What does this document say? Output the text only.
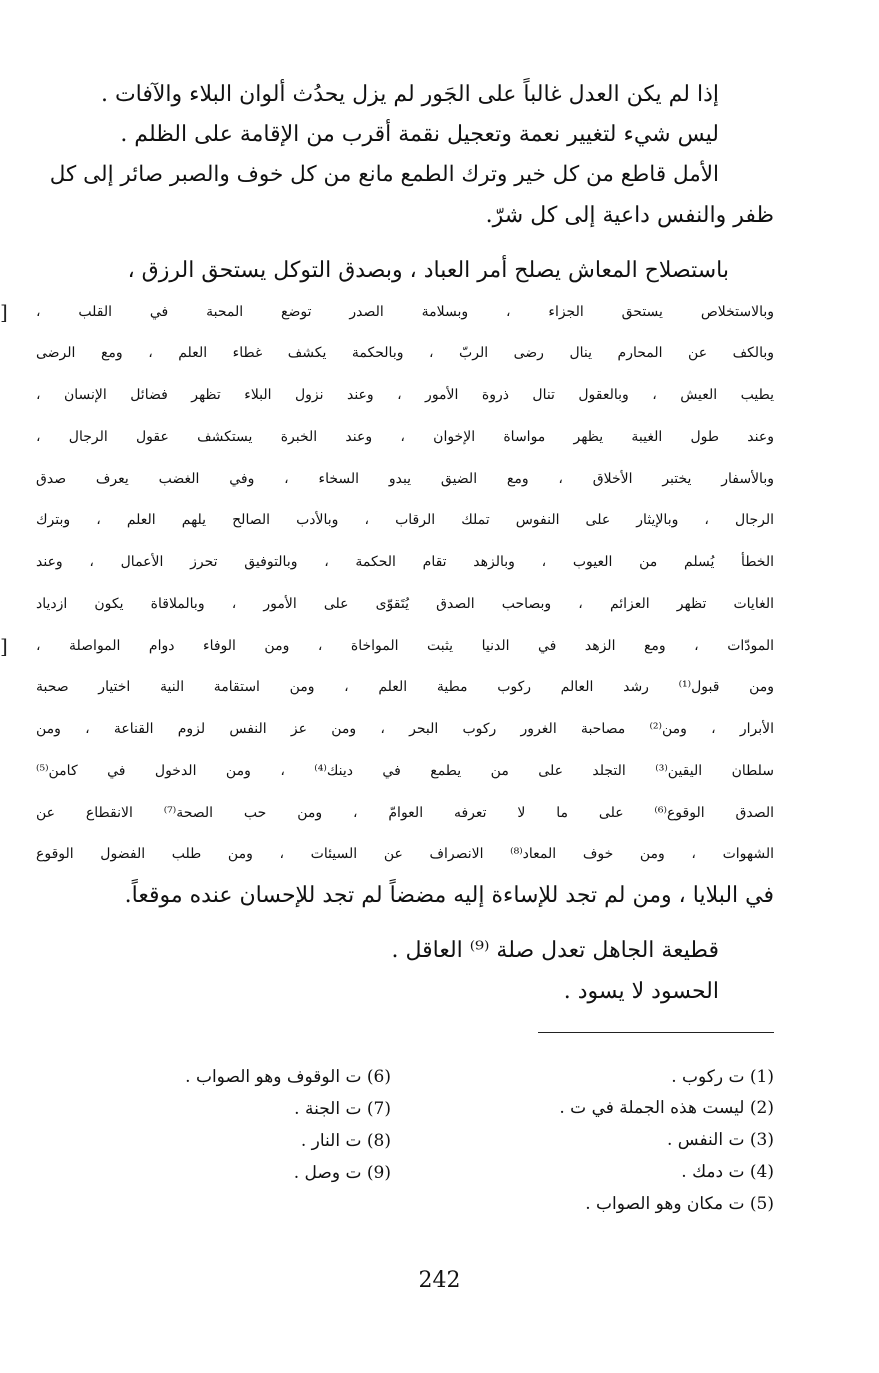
إذا لم يكن العدل غالباً على الجَور لم يزل يحدُث ألوان البلاء والآفات .
ليس شيء لتغيير نعمة وتعجيل نقمة أقرب من الإقامة على الظلم .
الأمل قاطع من كل خير وترك الطمع مانع من كل خوف والصبر صائر إلى كل
ظفر والنفس داعية إلى كل شرّ.
باستصلاح المعاش يصلح أمر العباد ، وبصدق التوكل يستحق الرزق ،
وبالاستخلاص يستحق الجزاء ، وبسلامة الصدر توضع المحبة في القلب ،
وبالكف عن المحارم ينال رضى الربّ ، وبالحكمة يكشف غطاء العلم ، ومع الرضى
يطيب العيش ، وبالعقول تنال ذروة الأمور ، وعند نزول البلاء تظهر فضائل الإنسان ،
وعند طول الغيبة يظهر مواساة الإخوان ، وعند الخبرة يستكشف عقول الرجال ،
وبالأسفار يختبر الأخلاق ، ومع الضيق يبدو السخاء ، وفي الغضب يعرف صدق
الرجال ، وبالإيثار على النفوس تملك الرقاب ، وبالأدب الصالح يلهم العلم ، وبترك
الخطأ يُسلم من العيوب ، وبالزهد تقام الحكمة ، وبالتوفيق تحرز الأعمال ، وعند
الغايات تظهر العزائم ، وبصاحب الصدق يُتَقوّى على الأمور ، وبالملاقاة يكون ازدياد
المودّات ، ومع الزهد في الدنيا يثبت المواخاة ، ومن الوفاء دوام المواصلة ،
ومن قبول⁽¹⁾ رشد العالم ركوب مطية العلم ، ومن استقامة النية اختيار صحبة
الأبرار ، ومن⁽²⁾ مصاحبة الغرور ركوب البحر ، ومن عز النفس لزوم القناعة ، ومن
سلطان اليقين⁽³⁾ التجلد على من يطمع في دينك⁽⁴⁾ ، ومن الدخول في كامن⁽⁵⁾
الصدق الوقوع⁽⁶⁾ على ما لا تعرفه العوامّ ، ومن حب الصحة⁽⁷⁾ الانقطاع عن
الشهوات ، ومن خوف المعاد⁽⁸⁾ الانصراف عن السيئات ، ومن طلب الفضول الوقوع
في البلايا ، ومن لم تجد للإساءة إليه مضضاً لم تجد للإحسان عنده موقعاً.
]
]
قطيعة الجاهل تعدل صلة ⁽⁹⁾ العاقل .
الحسود لا يسود .
(1) ت ركوب .
(2) ليست هذه الجملة في ت .
(3) ت النفس .
(4) ت دمك .
(5) ت مكان وهو الصواب .
(6) ت الوقوف وهو الصواب .
(7) ت الجنة .
(8) ت النار .
(9) ت وصل .
242
